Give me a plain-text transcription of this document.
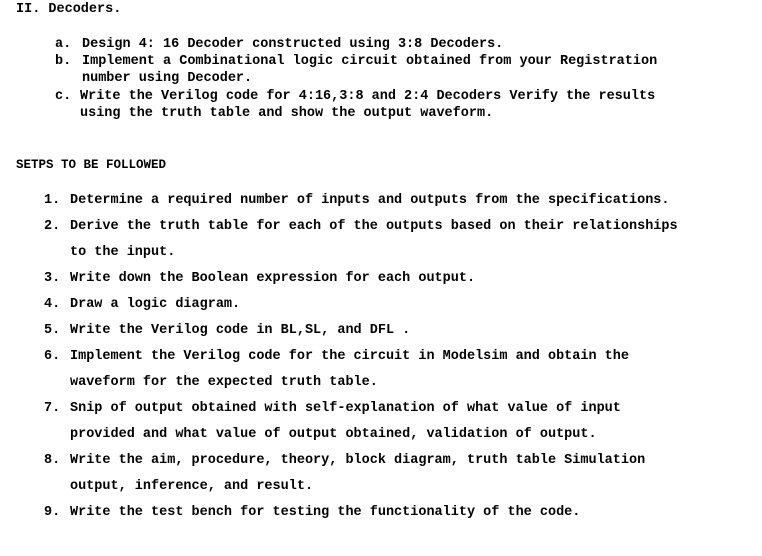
II. Decoders.
a. Design 4: 16 Decoder constructed using 3:8 Decoders.
b. Implement a Combinational logic circuit obtained from your Registration
number using Decoder.
c. Write the Verilog code for 4:16,3:8 and 2:4 Decoders Verify the results
using the truth table and show the output waveform.
SETPS TO BE FOLLOWED
1. Determine a required number of inputs and outputs from the specifications.
2. Derive the truth table for each of the outputs based on their relationships
to the input.
3. Write down the Boolean expression for each output.
4. Draw a logic diagram.
5. Write the Verilog code in BL,SL, and DFL .
6. Implement the Verilog code for the circuit in Modelsim and obtain the
waveform for the expected truth table.
7. Snip of output obtained with self-explanation of what value of input
provided and what value of output obtained, validation of output.
8. Write the aim, procedure, theory, block diagram, truth table Simulation
output, inference, and result.
9. Write the test bench for testing the functionality of the code.
